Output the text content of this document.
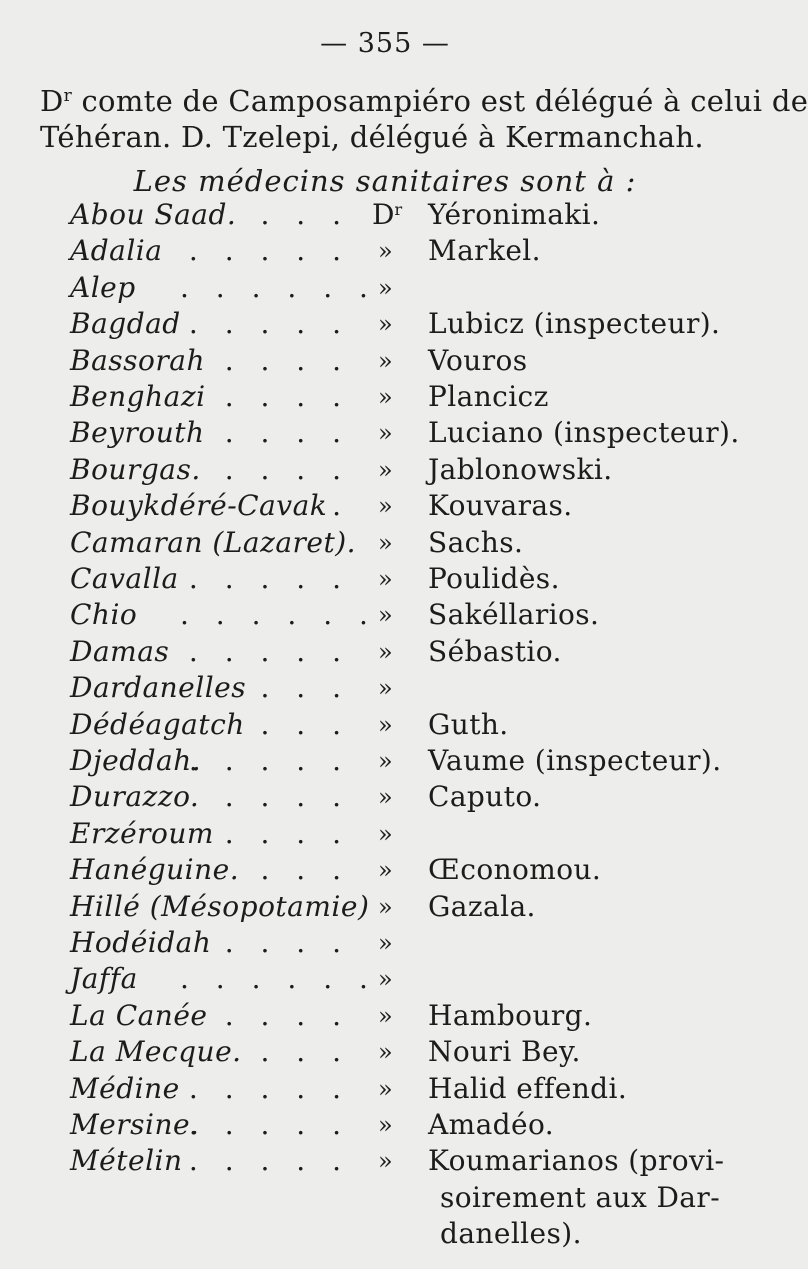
— 355 —
$D^r$ comte de Camposampiéro est délégué à celui de
Téhéran. D. Tzelepi, délégué à Kermanchah.
Les médecins sanitaires sont à :
Abou Saad. . . . $D^r$ Yéronimaki.
Adalia . . . . . » Markel.
Alep . . . . . . »
Bagdad . . . . . » Lubicz (inspecteur).
Bassorah . . . . » Vouros
Benghazi . . . . » Plancicz
Beyrouth . . . . » Luciano (inspecteur).
Bourgas. . . . . » Jablonowski.
Bouykdéré-Cavak . » Kouvaras.
Camaran (Lazaret). » Sachs.
Cavalla . . . . . » Poulidès.
Chio . . . . . . » Sakéllarios.
Damas . . . . . » Sébastio.
Dardanelles . . . »
Dédéagatch . . . » Guth.
Djeddah.
. . . . . » Vaume (inspecteur).
Durazzo. . . . . » Caputo.
Erzéroum . . . . »
Hanéguine. . . . » Œconomou.
Hillé (Mésopotamie) » Gazala.
Hodéidah . . . . »
Jaffa . . . . . . »
La Canée . . . . » Hambourg.
La Mecque. . . . » Nouri Bey.
Médine . . . . . » Halid effendi.
Mersine.
. . . . . » Amadéo.
Mételin . . . . . » Koumarianos (provi-
soirement aux Dar-
danelles).
